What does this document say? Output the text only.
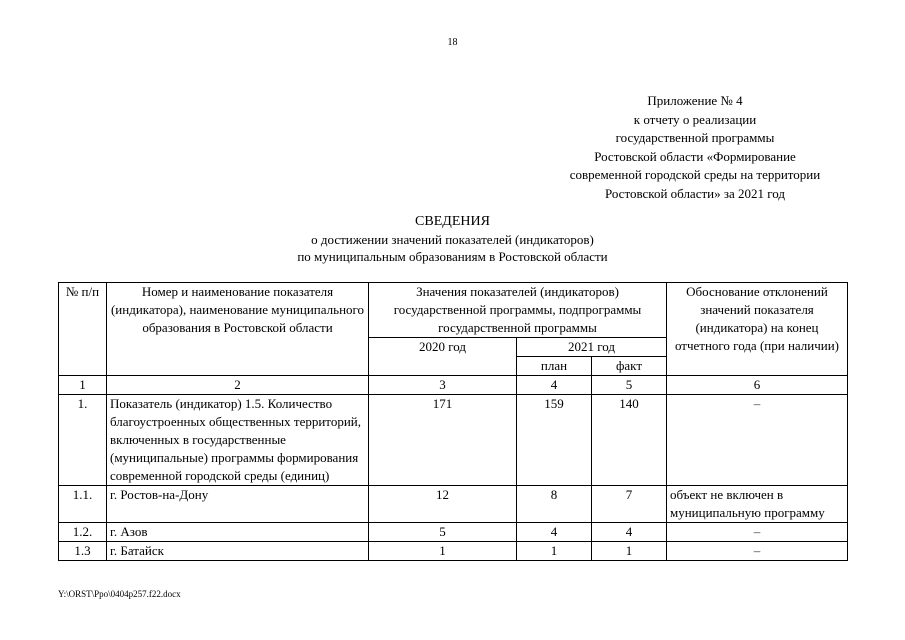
18
Приложение № 4
к отчету о реализации
государственной программы
Ростовской области «Формирование
современной городской среды на территории
Ростовской области» за 2021 год
СВЕДЕНИЯ
о достижении значений показателей (индикаторов)
по муниципальным образованиям в Ростовской области
№ п/п	Номер и наименование показателя (индикатора), наименование муниципального образования в Ростовской области	Значения показателей (индикаторов) государственной программы, подпрограммы государственной программы			Обоснование отклонений значений показателя (индикатора) на конец отчетного года (при наличии)
		2020 год	2021 год		
			план	факт	
1	2	3	4	5	6
1.	Показатель (индикатор) 1.5. Количество благоустроенных общественных территорий, включенных в государственные (муниципальные) программы формирования современной городской среды (единиц)	171	159	140	–
1.1.	г. Ростов-на-Дону	12	8	7	объект не включен в муниципальную программу
1.2.	г. Азов	5	4	4	–
1.3	г. Батайск	1	1	1	–
Y:\ORST\Ppo\0404p257.f22.docx
